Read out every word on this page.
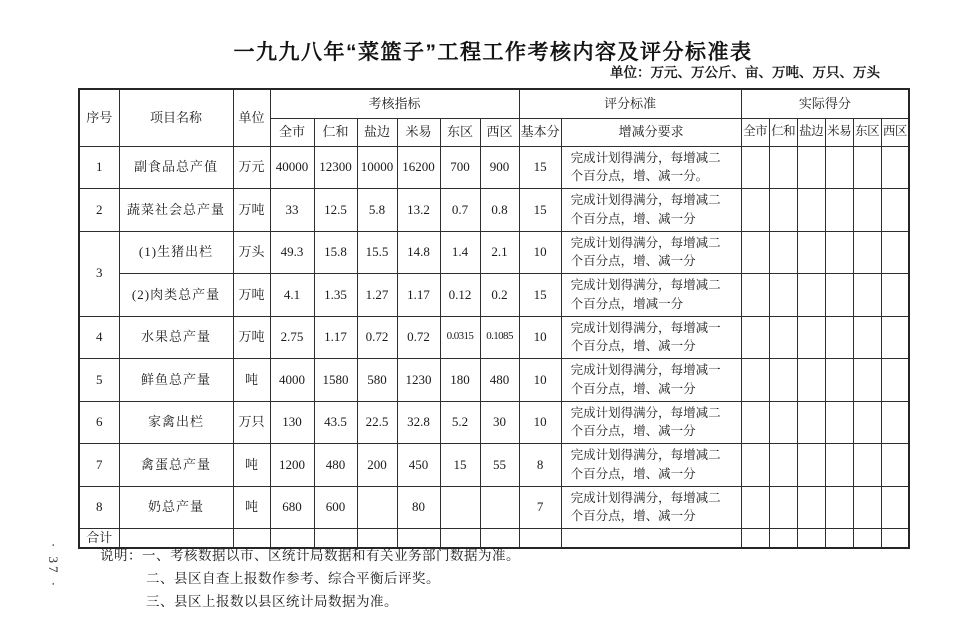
· 37 ·
一九九八年“菜篮子”工程工作考核内容及评分标准表
单位：万元、万公斤、亩、万吨、万只、万头
序号	项目名称	单位	考核指标						评分标准		实际得分					
			全市	仁和	盐边	米易	东区	西区	基本分	增减分要求	全市	仁和	盐边	米易	东区	西区
1	副食品总产值	万元	40000	12300	10000	16200	700	900	15	完成计划得满分，每增减二个百分点，增、减一分。						
2	蔬菜社会总产量	万吨	33	12.5	5.8	13.2	0.7	0.8	15	完成计划得满分，每增减二个百分点，增、减一分						
3	(1)生猪出栏	万头	49.3	15.8	15.5	14.8	1.4	2.1	10	完成计划得满分，每增减二个百分点，增、减一分						
	(2)肉类总产量	万吨	4.1	1.35	1.27	1.17	0.12	0.2	15	完成计划得满分，每增减二个百分点，增减一分						
4	水果总产量	万吨	2.75	1.17	0.72	0.72	0.0315	0.1085	10	完成计划得满分，每增减一个百分点，增、减一分						
5	鲜鱼总产量	吨	4000	1580	580	1230	180	480	10	完成计划得满分，每增减一个百分点，增、减一分						
6	家禽出栏	万只	130	43.5	22.5	32.8	5.2	30	10	完成计划得满分，每增减二个百分点，增、减一分						
7	禽蛋总产量	吨	1200	480	200	450	15	55	8	完成计划得满分，每增减二个百分点，增、减一分						
8	奶总产量	吨	680	600		80			7	完成计划得满分，每增减二个百分点，增、减一分						
合计																
说明：一、考核数据以市、区统计局数据和有关业务部门数据为准。
二、县区自查上报数作参考、综合平衡后评奖。
三、县区上报数以县区统计局数据为准。
